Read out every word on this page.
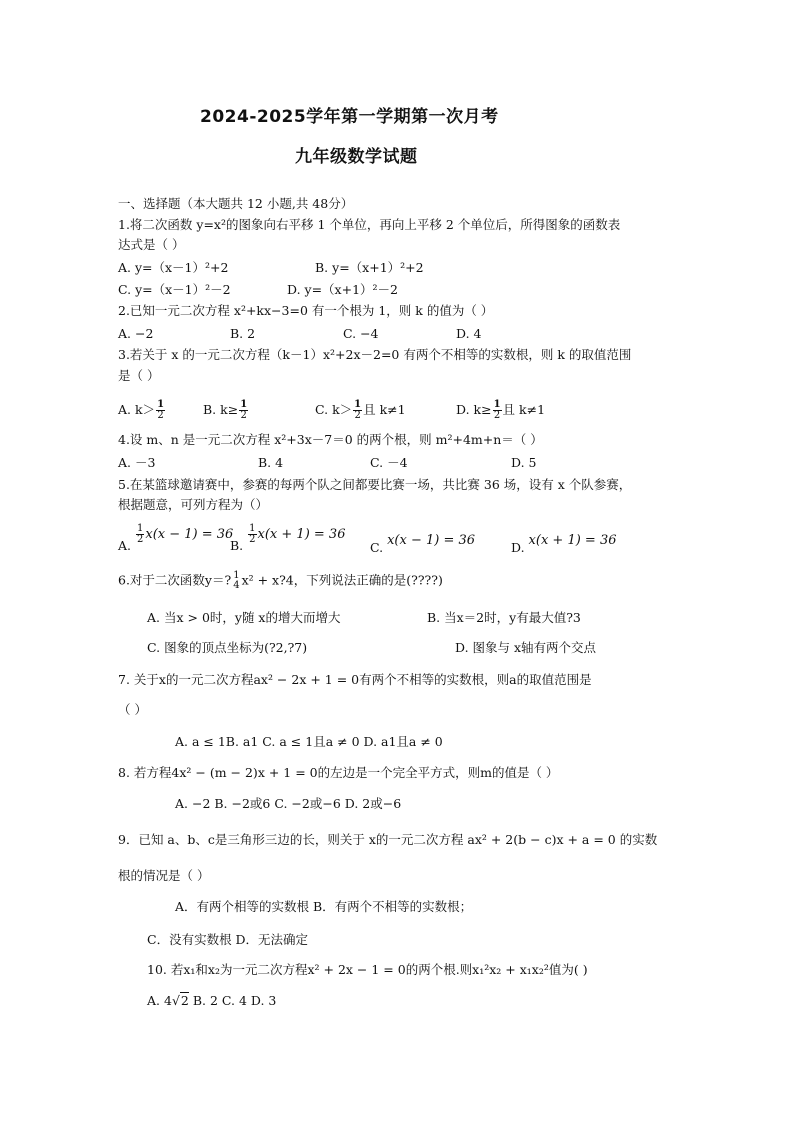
2024-2025学年第一学期第一次月考
九年级数学试题
一、选择题（本大题共 12 小题,共 48分）
1.将二次函数 y=x²的图象向右平移 1 个单位，再向上平移 2 个单位后，所得图象的函数表
达式是（ ）
A. y=（x－1）²+2	B. y=（x+1）²+2
C. y=（x－1）²－2	D. y=（x+1）²－2
2.已知一元二次方程 x²+kx−3=0 有一个根为 1，则 k 的值为（ ）
A. −2	B. 2	C. −4	D. 4
3.若关于 x 的一元二次方程（k－1）x²+2x－2=0 有两个不相等的实数根，则 k 的取值范围
是（ ）
A. $k> \frac{1}{2}$	B. $k\ge \frac{1}{2}$	C. $k> \frac{1}{2}$ 且 k≠1	D. $k\ge \frac{1}{2}$ 且 k≠1
4.设 m、n 是一元二次方程 x²+3x－7＝0 的两个根，则 m²+4m+n＝（ ）
A. －3	B. 4	C. －4	D. 5
5.在某篮球邀请赛中，参赛的每两个队之间都要比赛一场，共比赛 36 场，设有 x 个队参赛，
根据题意，可列方程为（）
A.
$\frac{1}{2} x(x - 1) = 36$
B.
$\frac{1}{2} x(x + 1) = 36$
C. x(x − 1) = 36	D. x(x + 1) = 36
6.对于二次函数y＝? 1
4 x² + x?4，下列说法正确的是(????)
A. 当x > 0时，y随 x的增大而增大	B. 当x＝2时，y有最大值?3
C. 图象的顶点坐标为(?2,?7)	D. 图象与 x轴有两个交点
7. 关于x的一元二次方程ax² − 2x + 1 = 0有两个不相等的实数根，则a的取值范围是
（ ）
A. a ≤ 1B. a1 C. a ≤ 1且a ≠ 0 D. a1且a ≠ 0
8. 若方程4x² − (m − 2)x + 1 = 0的左边是一个完全平方式，则m的值是（ ）
A. −2 B. −2或6 C. −2或−6 D. 2或−6
9．已知 a、b、c是三角形三边的长，则关于 x的一元二次方程 ax² + 2(b − c)x + a = 0 的实数
根的情况是（ ）
A．有两个相等的实数根 B．有两个不相等的实数根；
C．没有实数根 D．无法确定
10. 若x₁和x₂为一元二次方程x² + 2x − 1 = 0的两个根.则x₁²x₂ + x₁x₂²值为( )
A. 4√2 B. 2 C. 4 D. 3
